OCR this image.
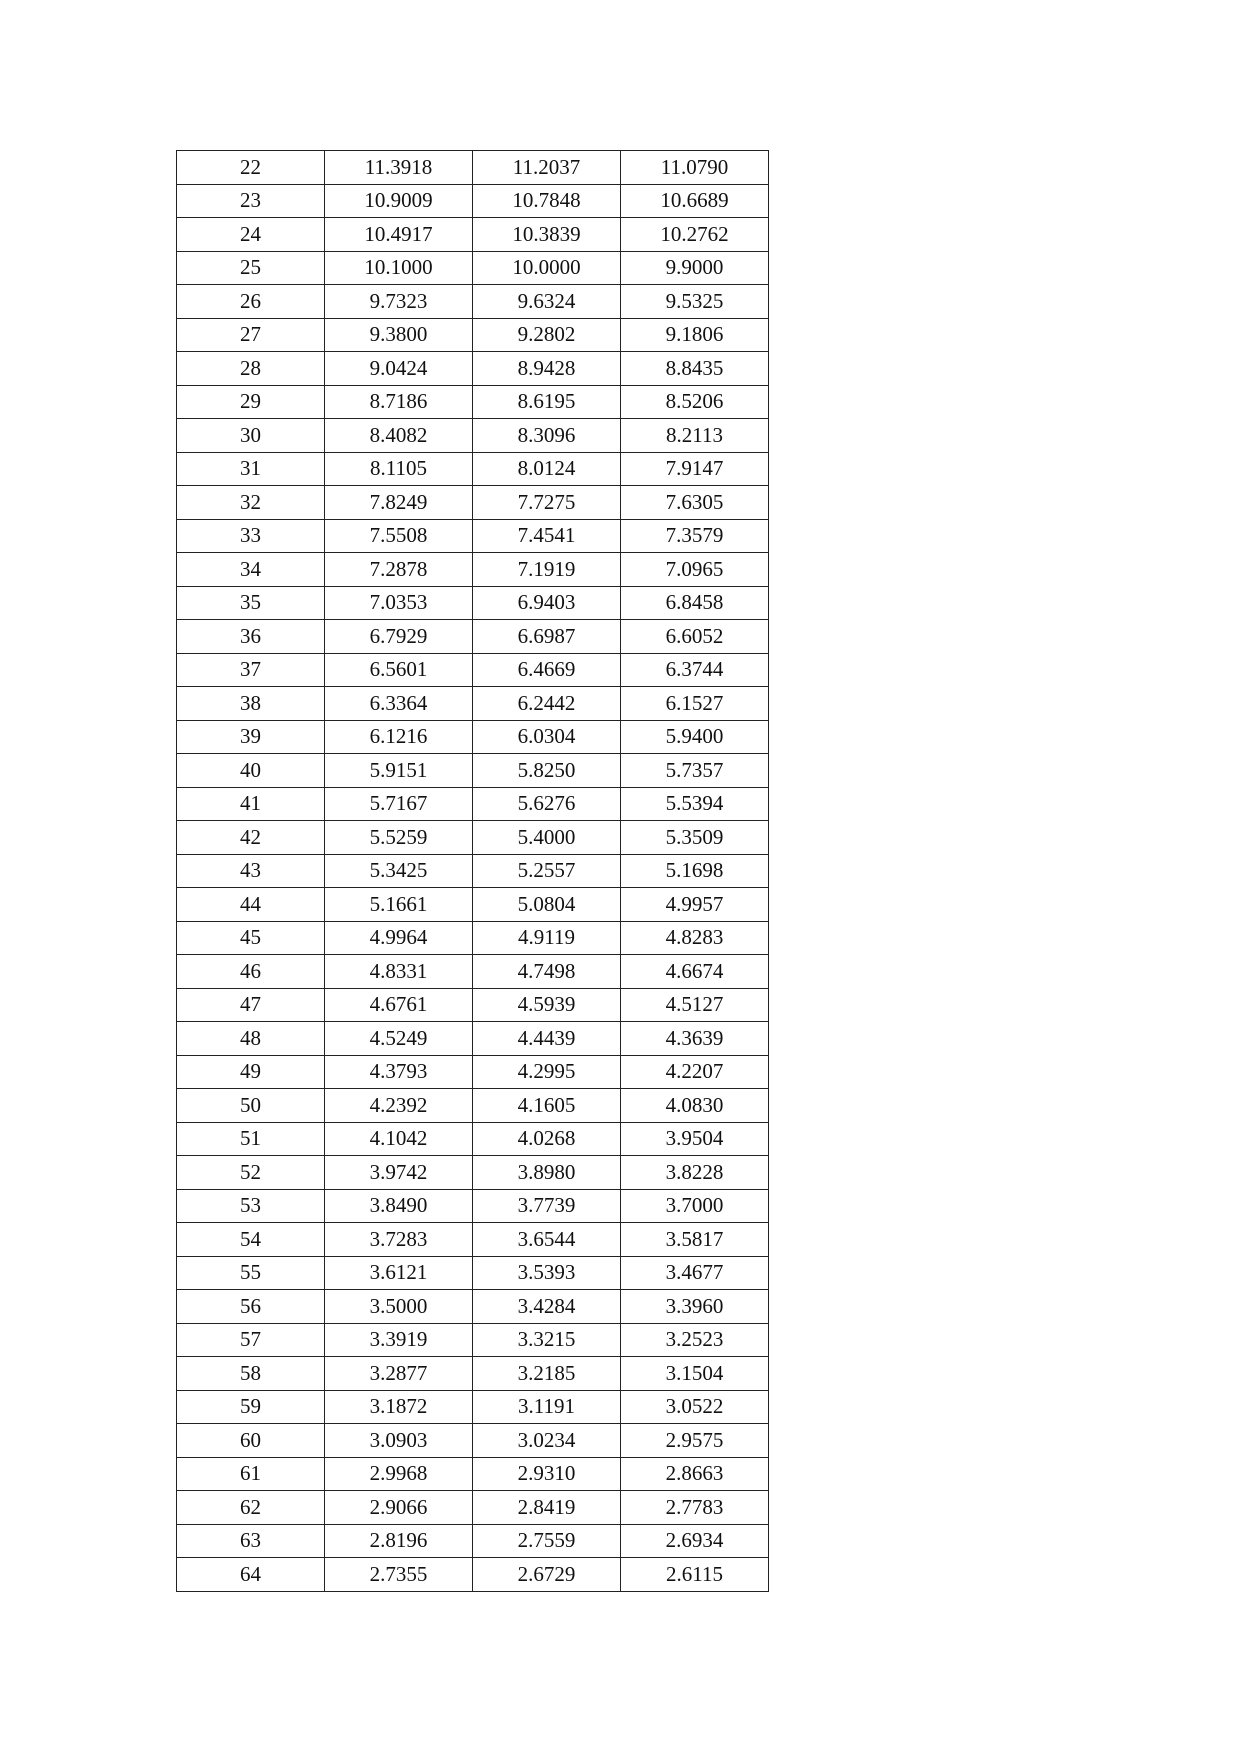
22	11.3918	11.2037	11.0790
23	10.9009	10.7848	10.6689
24	10.4917	10.3839	10.2762
25	10.1000	10.0000	9.9000
26	9.7323	9.6324	9.5325
27	9.3800	9.2802	9.1806
28	9.0424	8.9428	8.8435
29	8.7186	8.6195	8.5206
30	8.4082	8.3096	8.2113
31	8.1105	8.0124	7.9147
32	7.8249	7.7275	7.6305
33	7.5508	7.4541	7.3579
34	7.2878	7.1919	7.0965
35	7.0353	6.9403	6.8458
36	6.7929	6.6987	6.6052
37	6.5601	6.4669	6.3744
38	6.3364	6.2442	6.1527
39	6.1216	6.0304	5.9400
40	5.9151	5.8250	5.7357
41	5.7167	5.6276	5.5394
42	5.5259	5.4000	5.3509
43	5.3425	5.2557	5.1698
44	5.1661	5.0804	4.9957
45	4.9964	4.9119	4.8283
46	4.8331	4.7498	4.6674
47	4.6761	4.5939	4.5127
48	4.5249	4.4439	4.3639
49	4.3793	4.2995	4.2207
50	4.2392	4.1605	4.0830
51	4.1042	4.0268	3.9504
52	3.9742	3.8980	3.8228
53	3.8490	3.7739	3.7000
54	3.7283	3.6544	3.5817
55	3.6121	3.5393	3.4677
56	3.5000	3.4284	3.3960
57	3.3919	3.3215	3.2523
58	3.2877	3.2185	3.1504
59	3.1872	3.1191	3.0522
60	3.0903	3.0234	2.9575
61	2.9968	2.9310	2.8663
62	2.9066	2.8419	2.7783
63	2.8196	2.7559	2.6934
64	2.7355	2.6729	2.6115
